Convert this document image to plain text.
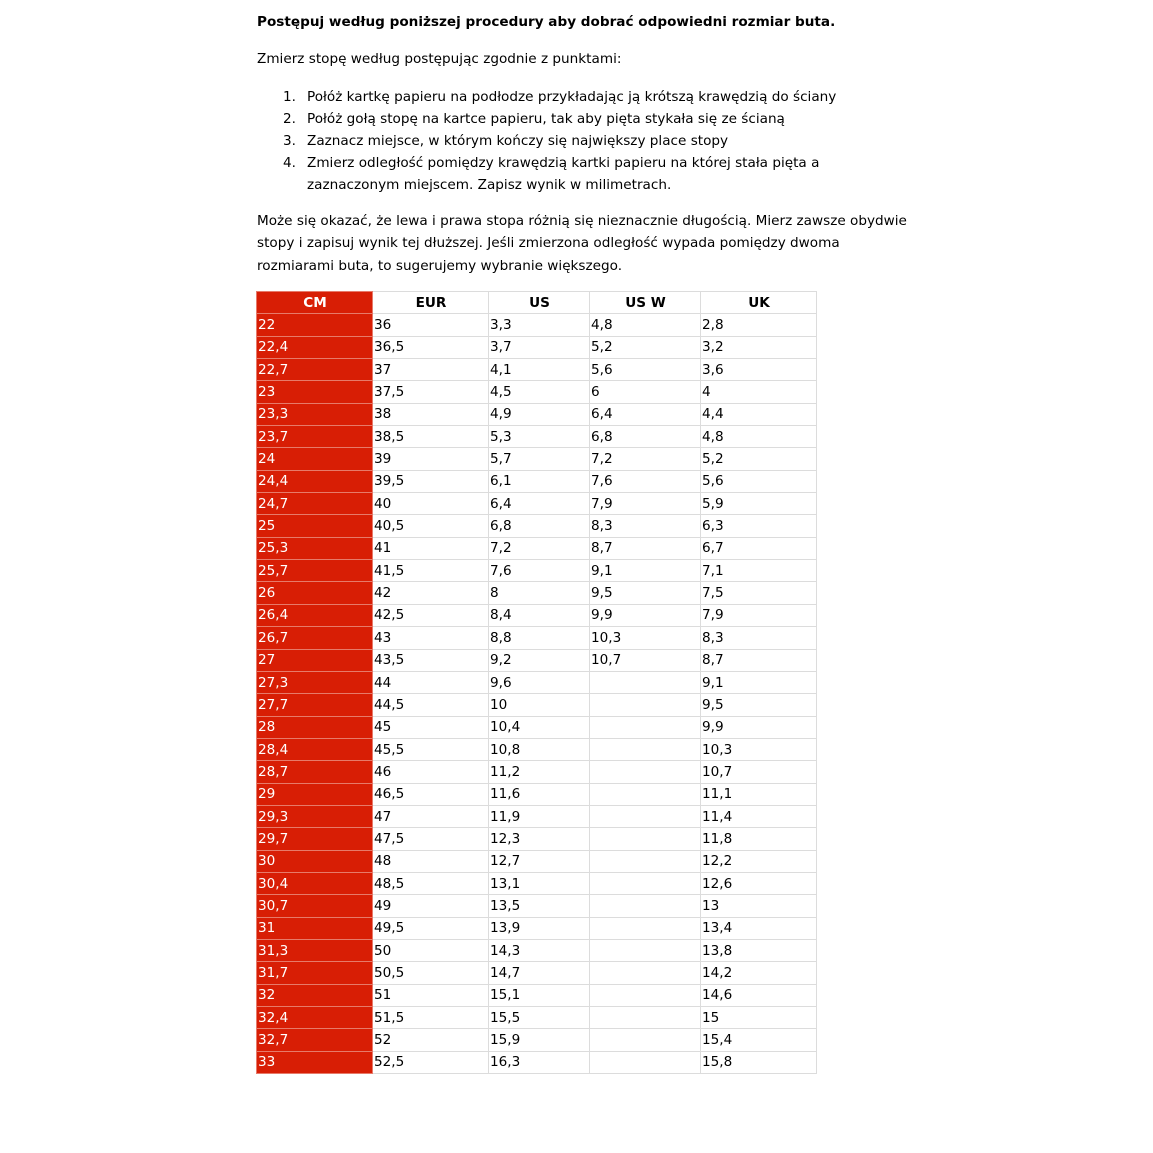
Postępuj według poniższej procedury aby dobrać odpowiedni rozmiar buta.

Zmierz stopę według postępując zgodnie z punktami:

1. Połóż kartkę papieru na podłodze przykładając ją krótszą krawędzią do ściany
2. Połóż gołą stopę na kartce papieru, tak aby pięta stykała się ze ścianą
3. Zaznacz miejsce, w którym kończy się największy place stopy
4. Zmierz odległość pomiędzy krawędzią kartki papieru na której stała pięta a zaznaczonym miejscem. Zapisz wynik w milimetrach.

Może się okazać, że lewa i prawa stopa różnią się nieznacznie długością. Mierz zawsze obydwie stopy i zapisuj wynik tej dłuższej. Jeśli zmierzona odległość wypada pomiędzy dwoma rozmiarami buta, to sugerujemy wybranie większego.

CM	EUR	US	US W	UK
22	36	3,3	4,8	2,8
22,4	36,5	3,7	5,2	3,2
22,7	37	4,1	5,6	3,6
23	37,5	4,5	6	4
23,3	38	4,9	6,4	4,4
23,7	38,5	5,3	6,8	4,8
24	39	5,7	7,2	5,2
24,4	39,5	6,1	7,6	5,6
24,7	40	6,4	7,9	5,9
25	40,5	6,8	8,3	6,3
25,3	41	7,2	8,7	6,7
25,7	41,5	7,6	9,1	7,1
26	42	8	9,5	7,5
26,4	42,5	8,4	9,9	7,9
26,7	43	8,8	10,3	8,3
27	43,5	9,2	10,7	8,7
27,3	44	9,6		9,1
27,7	44,5	10		9,5
28	45	10,4		9,9
28,4	45,5	10,8		10,3
28,7	46	11,2		10,7
29	46,5	11,6		11,1
29,3	47	11,9		11,4
29,7	47,5	12,3		11,8
30	48	12,7		12,2
30,4	48,5	13,1		12,6
30,7	49	13,5		13
31	49,5	13,9		13,4
31,3	50	14,3		13,8
31,7	50,5	14,7		14,2
32	51	15,1		14,6
32,4	51,5	15,5		15
32,7	52	15,9		15,4
33	52,5	16,3		15,8
